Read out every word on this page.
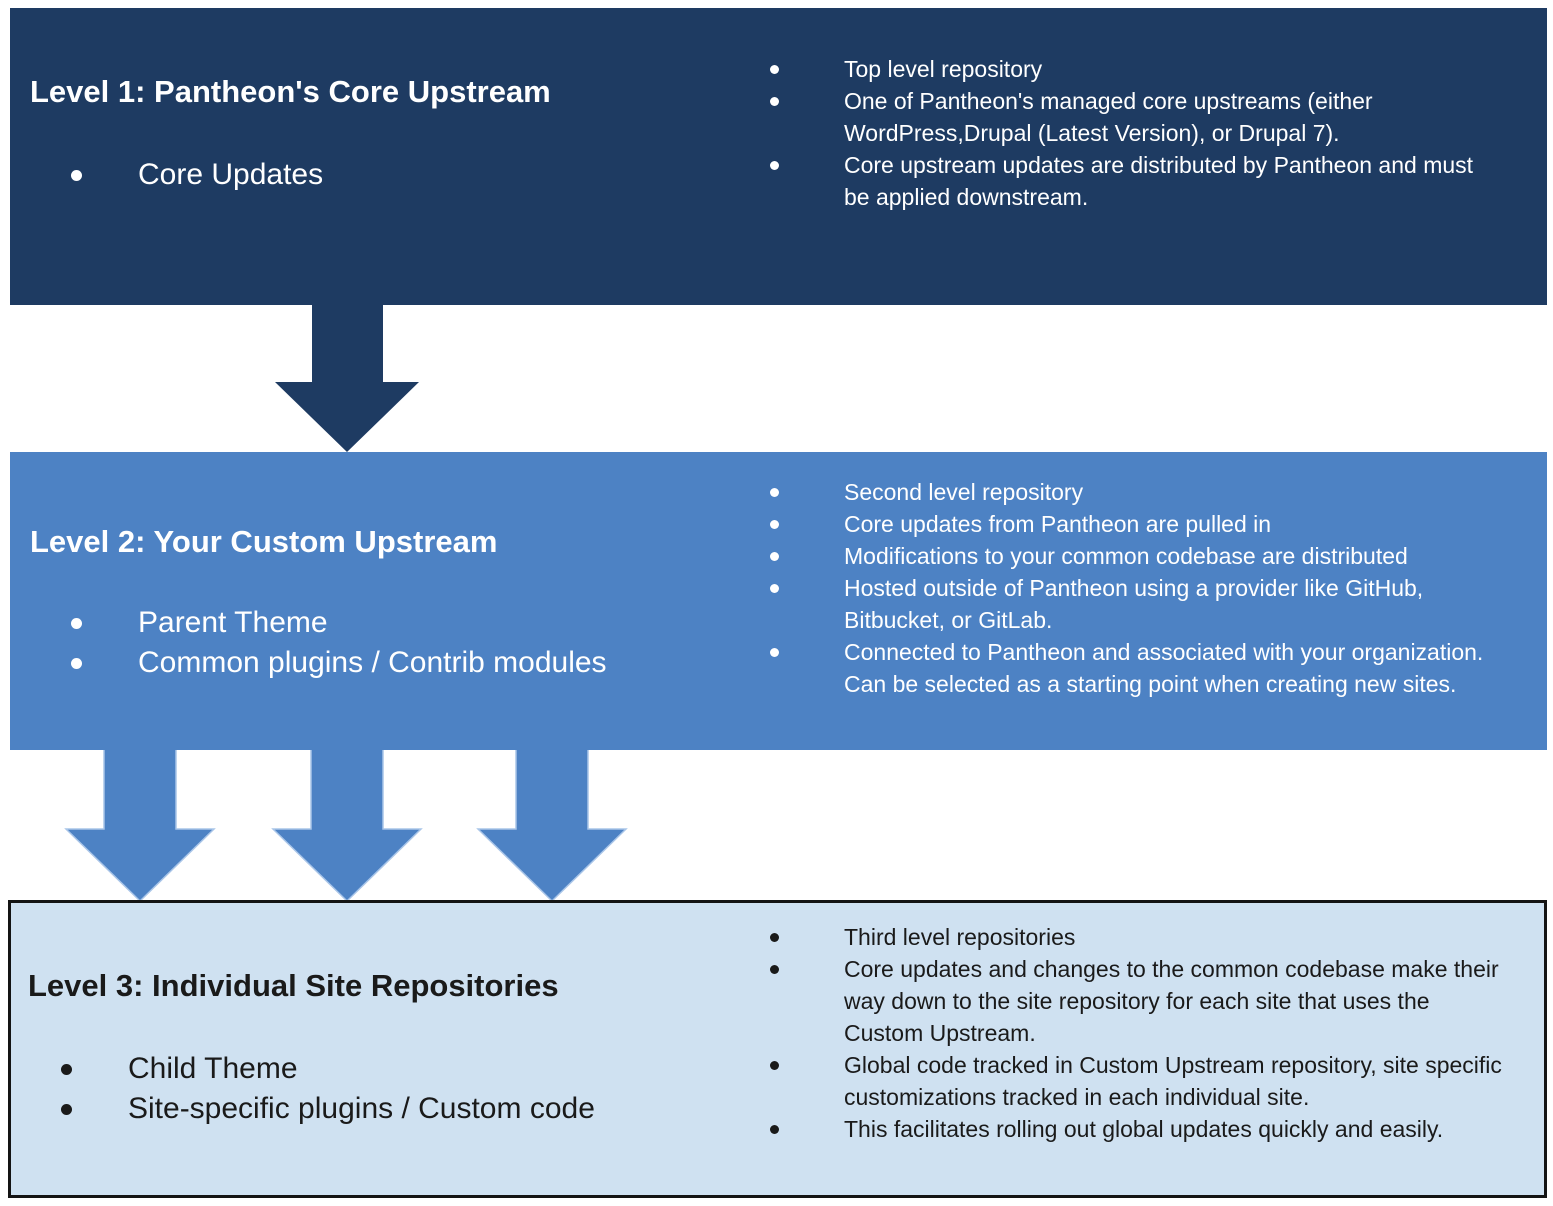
Level 1: Pantheon's Core Upstream
Core Updates
Top level repository
One of Pantheon's managed core upstreams (either WordPress,Drupal (Latest Version), or Drupal 7).
Core upstream updates are distributed by Pantheon and must be applied downstream.
Level 2: Your Custom Upstream
Parent Theme
Common plugins / Contrib modules
Second level repository
Core updates from Pantheon are pulled in
Modifications to your common codebase are distributed
Hosted outside of Pantheon using a provider like GitHub, Bitbucket, or GitLab.
Connected to Pantheon and associated with your organization. Can be selected as a starting point when creating new sites.
Level 3: Individual Site Repositories
Child Theme
Site-specific plugins / Custom code
Third level repositories
Core updates and changes to the common codebase make their way down to the site repository for each site that uses the Custom Upstream.
Global code tracked in Custom Upstream repository, site specific customizations tracked in each individual site.
This facilitates rolling out global updates quickly and easily.
